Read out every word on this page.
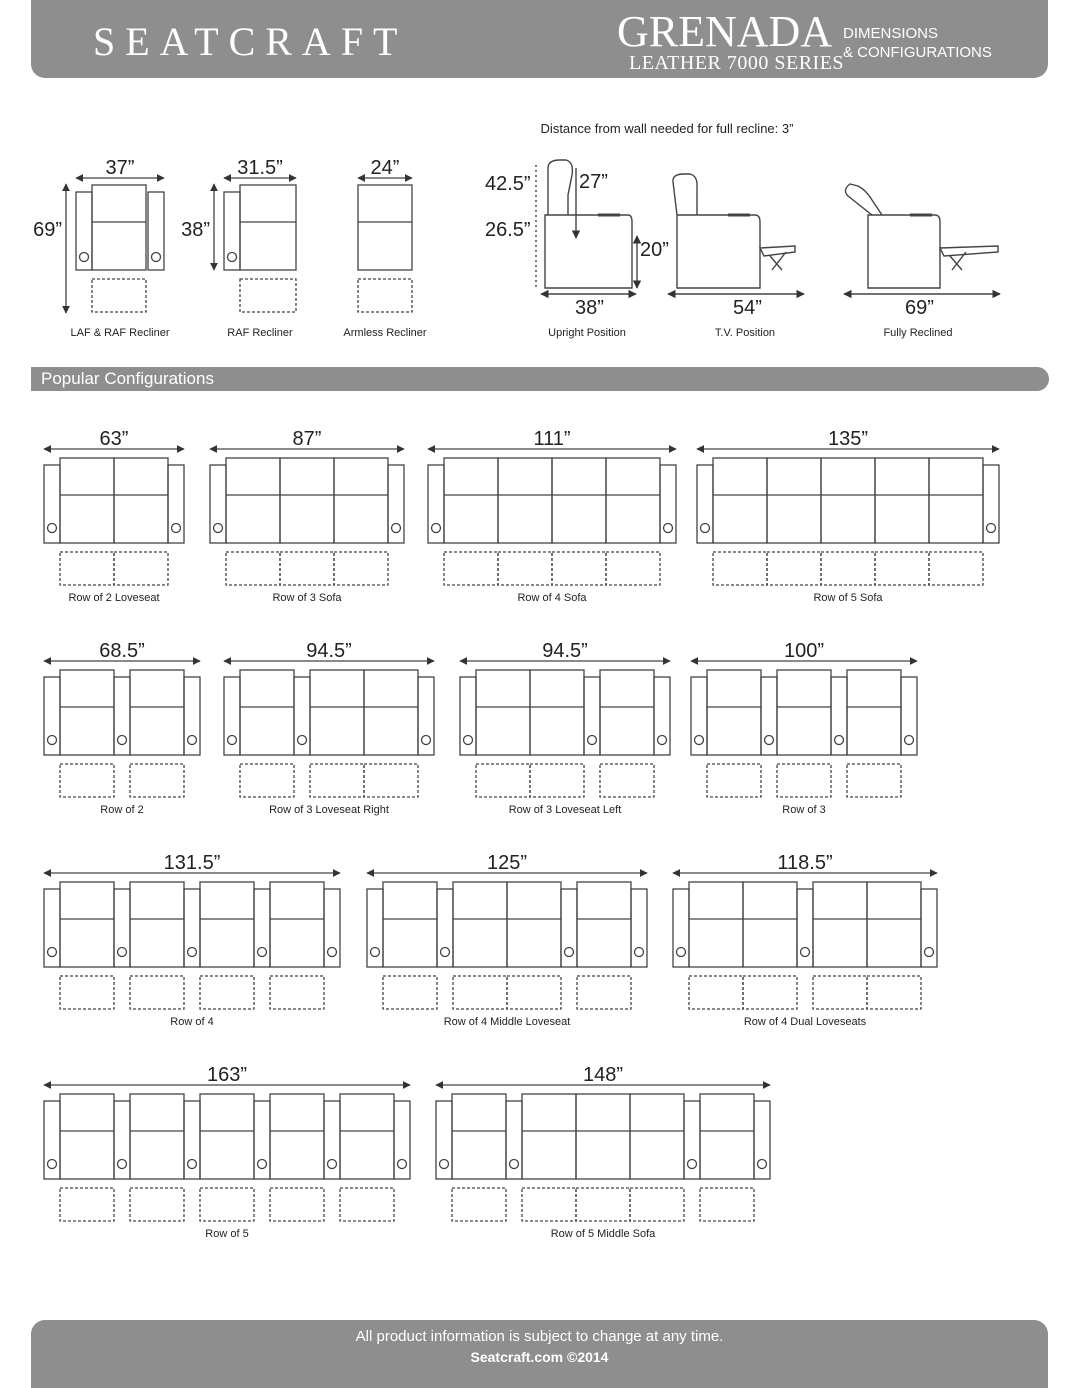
SEATCRAFT	GRENADA
LEATHER 7000 SERIES
DIMENSIONS
& CONFIGURATIONS
37”
69”
LAF & RAF Recliner
31.5”
38”
RAF Recliner
24”
Armless Recliner
Distance from wall needed for full recline: 3”
42.5” 27”
26.5”
20”
38”
Upright Position
54”
T.V. Position
69”
Fully Reclined
63”
Row of 2 Loveseat
87”
Row of 3 Sofa
111”
Row of 4 Sofa
135”
Row of 5 Sofa
68.5”
Row of 2
94.5”
Row of 3 Loveseat Right
94.5”
Row of 3 Loveseat Left
100”
Row of 3
131.5”
Row of 4
125”
Row of 4 Middle Loveseat
118.5”
Row of 4 Dual Loveseats
163”
Row of 5
148”
Row of 5 Middle Sofa
Popular Configurations
All product information is subject to change at any time.
Seatcraft.com ©2014
